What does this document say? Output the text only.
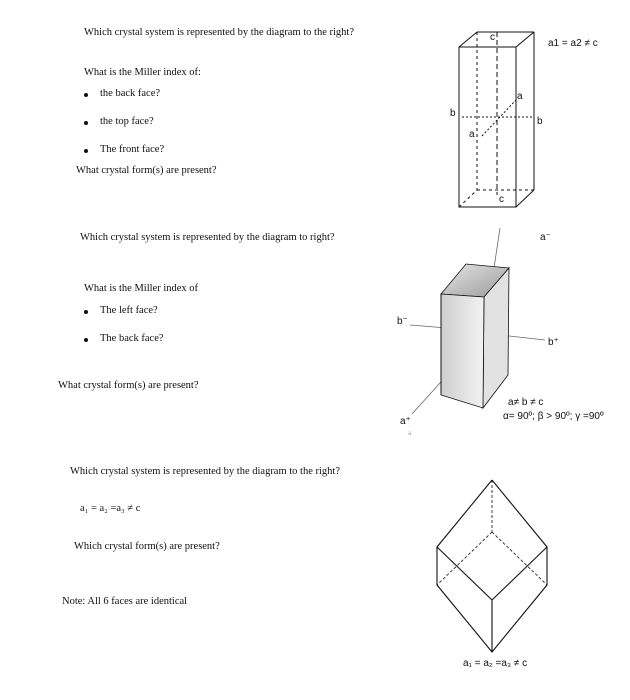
Which crystal system is represented by the diagram to the right?
What is the Miller index of:
the back face?
the top face?
The front face?
What crystal form(s) are present?
c
c
a
a
b
b
a1 = a2 ≠ c
Which crystal system is represented by the diagram to right?
What is the Miller index of
The left face?
The back face?
What crystal form(s) are present?
a⁻
b⁻
b⁺
a⁺
a
a≠ b ≠ c
α= 90º; β > 90º; γ =90º
Which crystal system is represented by the diagram to the right?
a₁ = a₂ =a₃ ≠ c
Which crystal form(s) are present?
Note: All 6 faces are identical
a₁ = a₂ =a₃ ≠ c
